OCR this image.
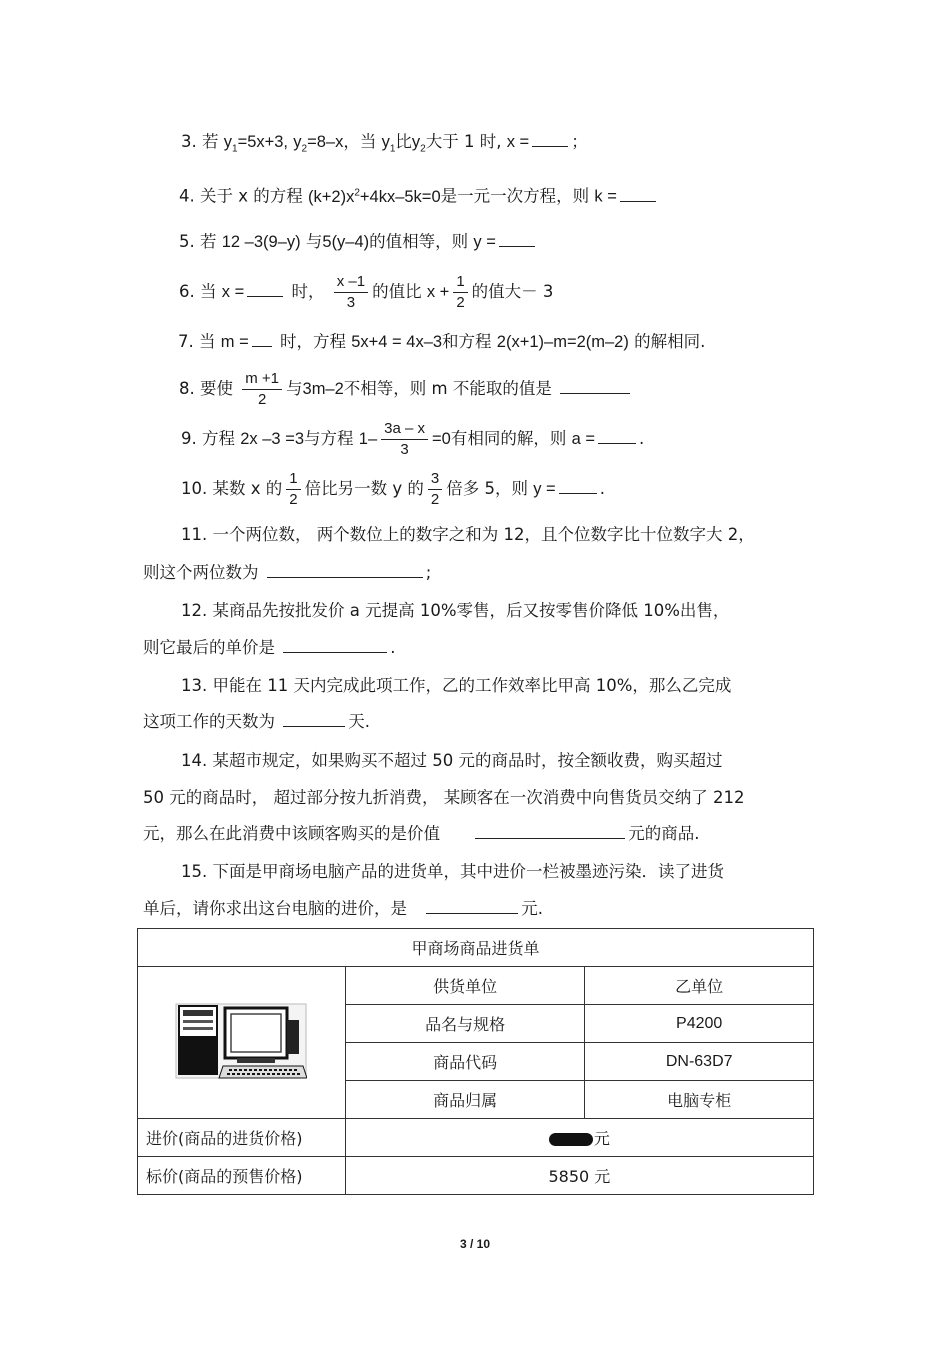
3. 若 $y_1=5x+3$, $y_2=8-x$，当 $y_1$比$y_2$大于 1 时, x =	；
4. 关于 x 的方程 $(k+2)x^2+4kx-5k=0$是一元一次方程，则 k =
5. 若 12 –3(9–y) 与5(y–4)的值相等，则 y =
6. 当 x =	时， $\frac{x -1}{3}$ 的值比 $x + \frac{1}{2}$ 的值大－ 3
7. 当 m = 时，方程 5x+4 = 4x–3和方程 2(x+1)–m=2(m–2) 的解相同.
8. 要使 $\frac{m +1}{2}$ 与3m–2不相等，则 m 不能取的值是
9. 方程 2x –3 =3与方程 $1- \frac{3a - x}{3} =0$有相同的解，则 a =	.
10. 某数 x 的 $\frac{1}{2}$ 倍比另一数 y 的 $\frac{3}{2}$ 倍多 5，则 y =	.
11. 一个两位数， 两个数位上的数字之和为 12，且个位数字比十位数字大 2，
则这个两位数为	;
12. 某商品先按批发价 a 元提高 10%零售，后又按零售价降低 10%出售，
则它最后的单价是	.
13. 甲能在 11 天内完成此项工作，乙的工作效率比甲高 10%，那么乙完成
这项工作的天数为	天.
14. 某超市规定，如果购买不超过 50 元的商品时，按全额收费，购买超过
50 元的商品时， 超过部分按九折消费， 某顾客在一次消费中向售货员交纳了 212
元，那么在此消费中该顾客购买的是价值	元的商品.
15. 下面是甲商场电脑产品的进货单，其中进价一栏被墨迹污染．读了进货
单后，请你求出这台电脑的进价，是	元.
甲商场商品进货单		
	供货单位	乙单位
	品名与规格	P4200
	商品代码	DN-63D7
	商品归属	电脑专柜
进价(商品的进货价格)	元	
标价(商品的预售价格)	5850 元	
3 / 10
